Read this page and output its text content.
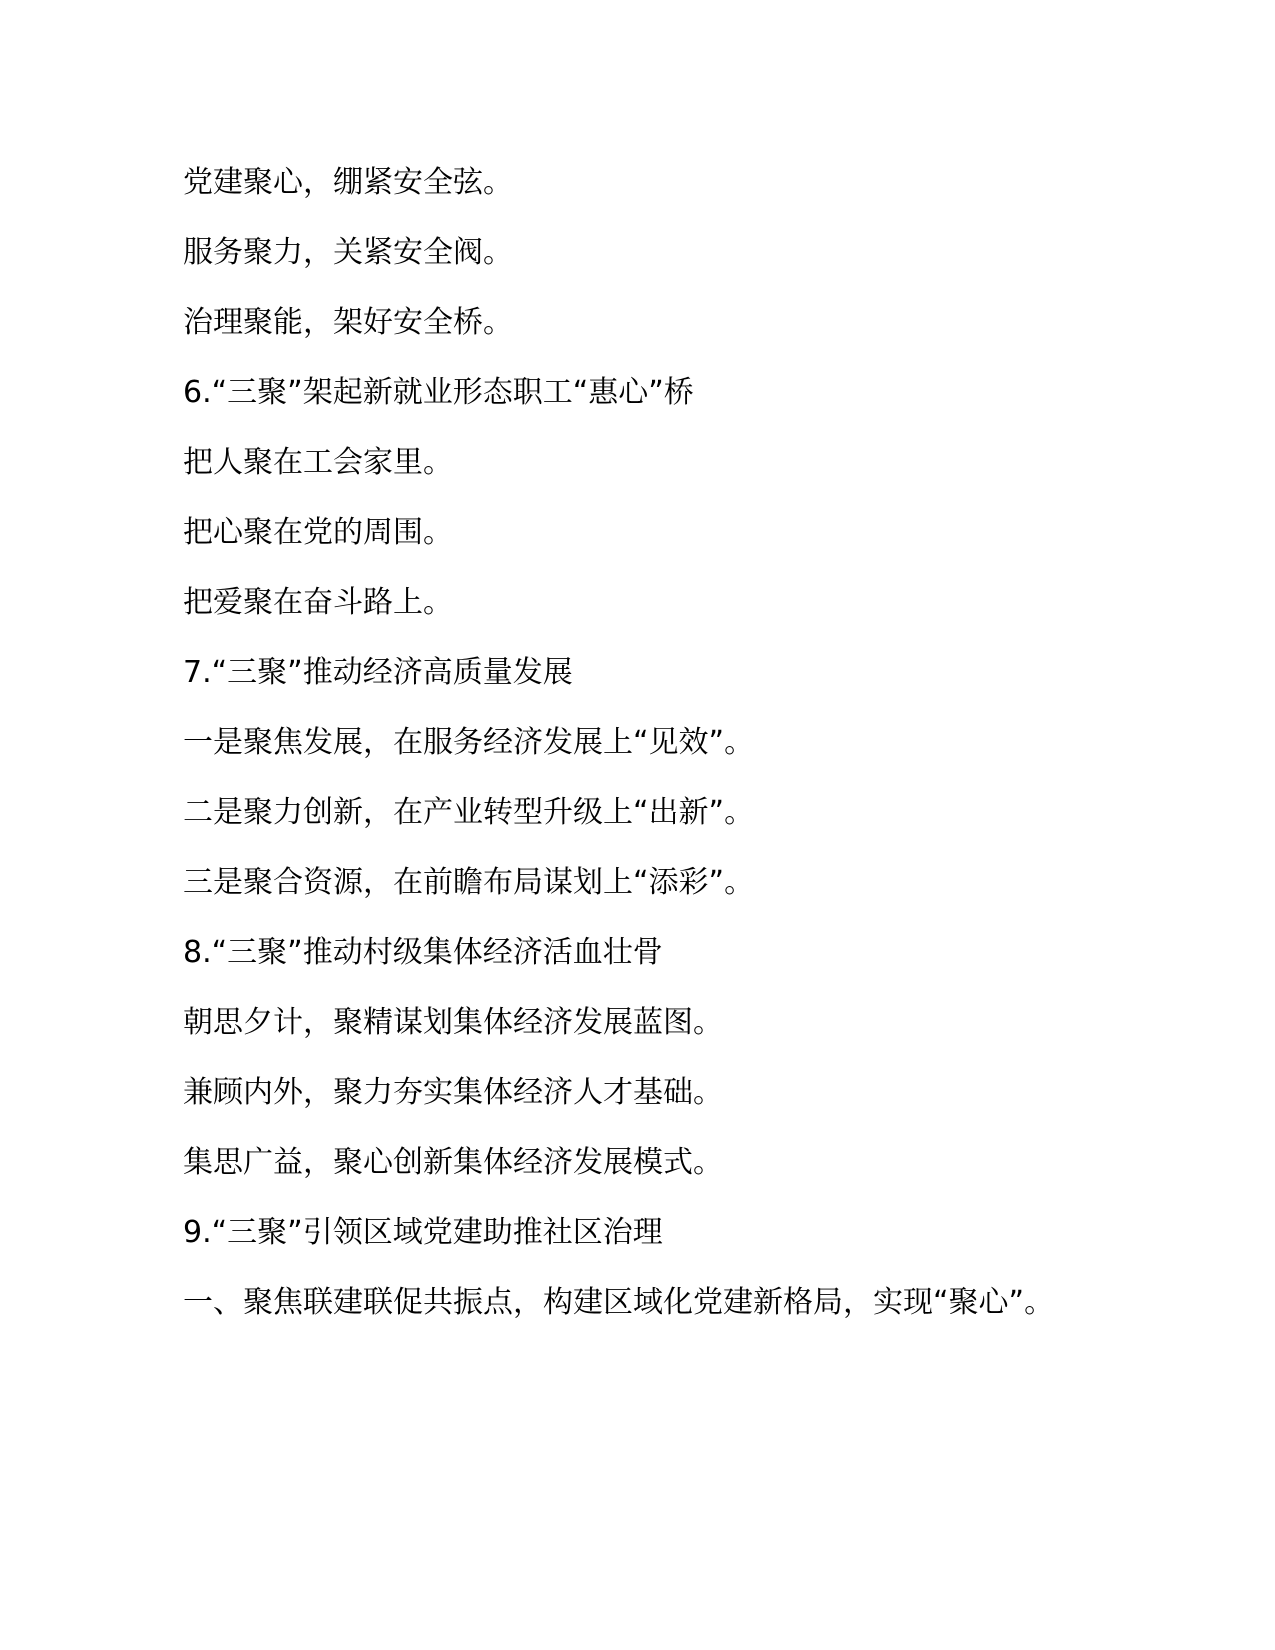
党建聚心，绷紧安全弦。

服务聚力，关紧安全阀。

治理聚能，架好安全桥。

6.“三聚”架起新就业形态职工“惠心”桥

把人聚在工会家里。

把心聚在党的周围。

把爱聚在奋斗路上。

7.“三聚”推动经济高质量发展

一是聚焦发展，在服务经济发展上“见效”。

二是聚力创新，在产业转型升级上“出新”。

三是聚合资源，在前瞻布局谋划上“添彩”。

8.“三聚”推动村级集体经济活血壮骨

朝思夕计，聚精谋划集体经济发展蓝图。

兼顾内外，聚力夯实集体经济人才基础。

集思广益，聚心创新集体经济发展模式。

9.“三聚”引领区域党建助推社区治理

一、聚焦联建联促共振点，构建区域化党建新格局，实现“聚心”。
